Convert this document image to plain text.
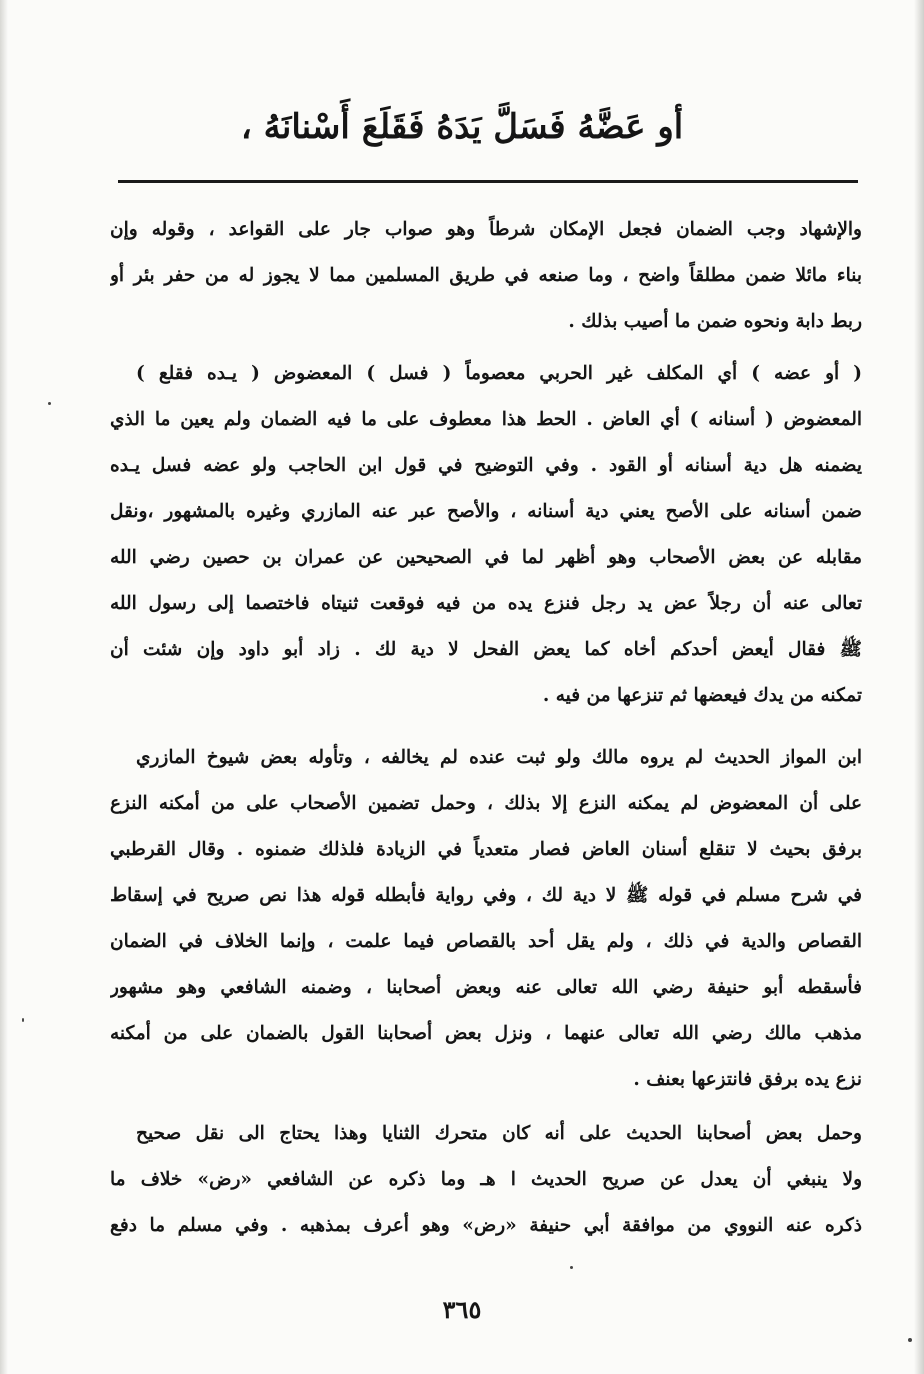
أو عَضَّهُ فَسَلَّ يَدَهُ فَقَلَعَ أَسْنانَهُ ،
والإشهاد وجب الضمان فجعل الإمكان شرطاً وهو صواب جار على القواعد ، وقوله وإن
بناء مائلا ضمن مطلقاً واضح ، وما صنعه في طريق المسلمين مما لا يجوز له من حفر بئر أو
ربط دابة ونحوه ضمن ما أصيب بذلك .
( أو عضه ) أي المكلف غير الحربي معصوماً ( فسل ) المعضوض ( يـده فقلع )
المعضوض ( أسنانه ) أي العاض . الحط هذا معطوف على ما فيه الضمان ولم يعين ما الذي
يضمنه هل دية أسنانه أو القود . وفي التوضيح في قول ابن الحاجب ولو عضه فسل يـده
ضمن أسنانه على الأصح يعني دية أسنانه ، والأصح عبر عنه المازري وغيره بالمشهور ،ونقل
مقابله عن بعض الأصحاب وهو أظهر لما في الصحيحين عن عمران بن حصين رضي الله
تعالى عنه أن رجلاً عض يد رجل فنزع يده من فيه فوقعت ثنيتاه فاختصما إلى رسول الله
ﷺ فقال أيعض أحدكم أخاه كما يعض الفحل لا دية لك . زاد أبو داود وإن شئت أن
تمكنه من يدك فيعضها ثم تنزعها من فيه .
ابن المواز الحديث لم يروه مالك ولو ثبت عنده لم يخالفه ، وتأوله بعض شيوخ المازري
على أن المعضوض لم يمكنه النزع إلا بذلك ، وحمل تضمين الأصحاب على من أمكنه النزع
برفق بحيث لا تنقلع أسنان العاض فصار متعدياً في الزيادة فلذلك ضمنوه . وقال القرطبي
في شرح مسلم في قوله ﷺ لا دية لك ، وفي رواية فأبطله قوله هذا نص صريح في إسقاط
القصاص والدية في ذلك ، ولم يقل أحد بالقصاص فيما علمت ، وإنما الخلاف في الضمان
فأسقطه أبو حنيفة رضي الله تعالى عنه وبعض أصحابنا ، وضمنه الشافعي وهو مشهور
مذهب مالك رضي الله تعالى عنهما ، ونزل بعض أصحابنا القول بالضمان على من أمكنه
نزع يده برفق فانتزعها بعنف .
وحمل بعض أصحابنا الحديث على أنه كان متحرك الثنايا وهذا يحتاج الى نقل صحيح
ولا ينبغي أن يعدل عن صريح الحديث ا هـ وما ذكره عن الشافعي «رض» خلاف ما
ذكره عنه النووي من موافقة أبي حنيفة «رض» وهو أعرف بمذهبه . وفي مسلم ما دفع
٣٦٥
